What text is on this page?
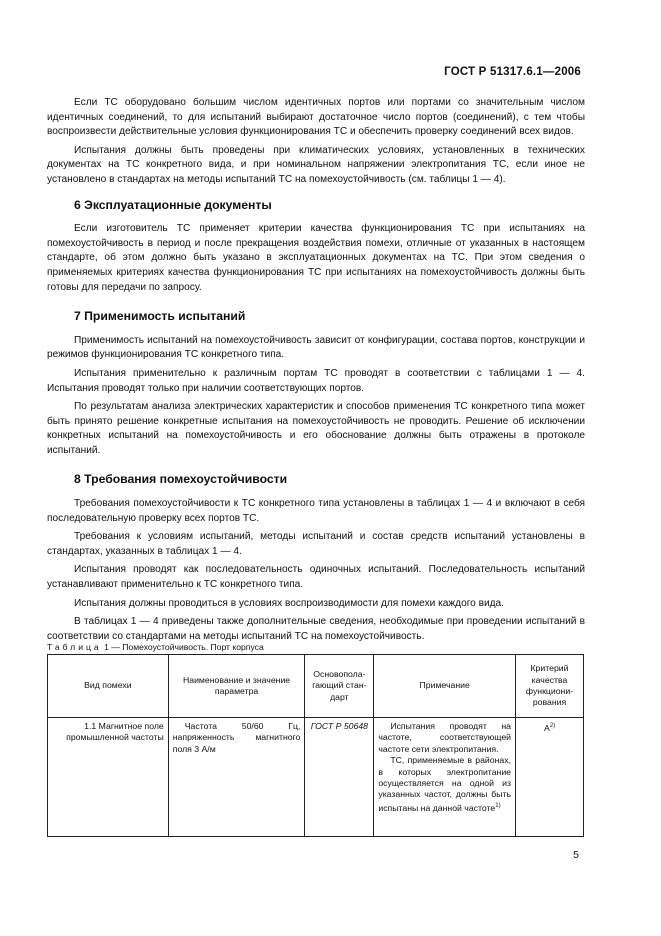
ГОСТ Р 51317.6.1—2006

Если ТС оборудовано большим числом идентичных портов или портами со значительным числом идентичных соединений, то для испытаний выбирают достаточное число портов (соединений), с тем чтобы воспроизвести действительные условия функционирования ТС и обеспечить проверку соединений всех видов.

Испытания должны быть проведены при климатических условиях, установленных в технических документах на ТС конкретного вида, и при номинальном напряжении электропитания ТС, если иное не установлено в стандартах на методы испытаний ТС на помехоустойчивость (см. таблицы 1 — 4).

6 Эксплуатационные документы

Если изготовитель ТС применяет критерии качества функционирования ТС при испытаниях на помехоустойчивость в период и после прекращения воздействия помехи, отличные от указанных в настоящем стандарте, об этом должно быть указано в эксплуатационных документах на ТС. При этом сведения о применяемых критериях качества функционирования ТС при испытаниях на помехоустойчивость должны быть готовы для передачи по запросу.

7 Применимость испытаний

Применимость испытаний на помехоустойчивость зависит от конфигурации, состава портов, конструкции и режимов функционирования ТС конкретного типа.

Испытания применительно к различным портам ТС проводят в соответствии с таблицами 1 — 4. Испытания проводят только при наличии соответствующих портов.

По результатам анализа электрических характеристик и способов применения ТС конкретного типа может быть принято решение конкретные испытания на помехоустойчивость не проводить. Решение об исключении конкретных испытаний на помехоустойчивость и его обоснование должны быть отражены в протоколе испытаний.

8 Требования помехоустойчивости

Требования помехоустойчивости к ТС конкретного типа установлены в таблицах 1 — 4 и включают в себя последовательную проверку всех портов ТС.

Требования к условиям испытаний, методы испытаний и состав средств испытаний установлены в стандартах, указанных в таблицах 1 — 4.

Испытания проводят как последовательность одиночных испытаний. Последовательность испытаний устанавливают применительно к ТС конкретного типа.

Испытания должны проводиться в условиях воспроизводимости для помехи каждого вида.

В таблицах 1 — 4 приведены также дополнительные сведения, необходимые при проведении испытаний в соответствии со стандартами на методы испытаний ТС на помехоустойчивость.

Таблица 1 — Помехоустойчивость. Порт корпуса
Вид помехи	Наименование и значение параметра	Основопола-гающий стан-дарт	Примечание	Критерий качества функциони-рования
1.1 Магнитное поле промышленной частоты	Частота 50/60 Гц, напряженность магнитного поля 3 А/м	ГОСТ Р 50648	Испытания проводят на частоте, соответствующей частоте сети электропитания.

ТС, применяемые в районах, в которых электропитание осуществляется на одной из указанных частот, должны быть испытаны на данной частоте$^{1)}$	$А^{2)}$
5
